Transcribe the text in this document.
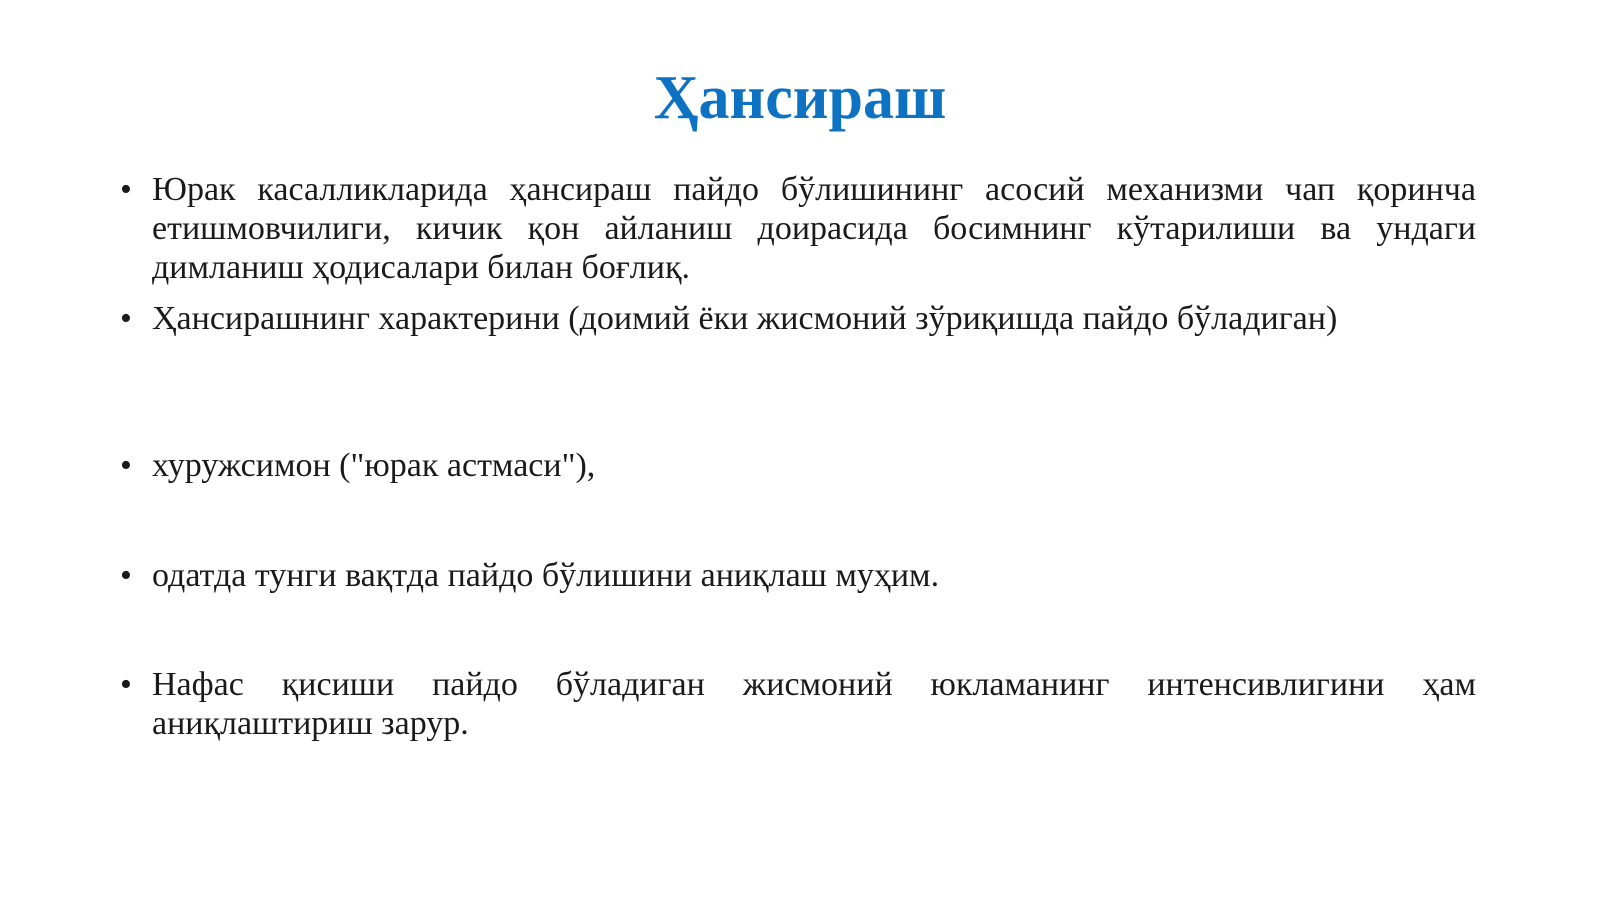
Ҳансираш
• Юрак касалликларида ҳансираш пайдо бўлишининг асосий механизми чап қоринча етишмовчилиги, кичик қон айланиш доирасида босимнинг кўтарилиши ва ундаги димланиш ҳодисалари билан боғлиқ.
• Ҳансирашнинг характерини (доимий ёки жисмоний зўриқишда пайдо бўладиган)
• хуружсимон ("юрак астмаси"),
• одатда тунги вақтда пайдо бўлишини аниқлаш муҳим.
• Нафас қисиши пайдо бўладиган жисмоний юкламанинг интенсивлигини ҳам аниқлаштириш зарур.
